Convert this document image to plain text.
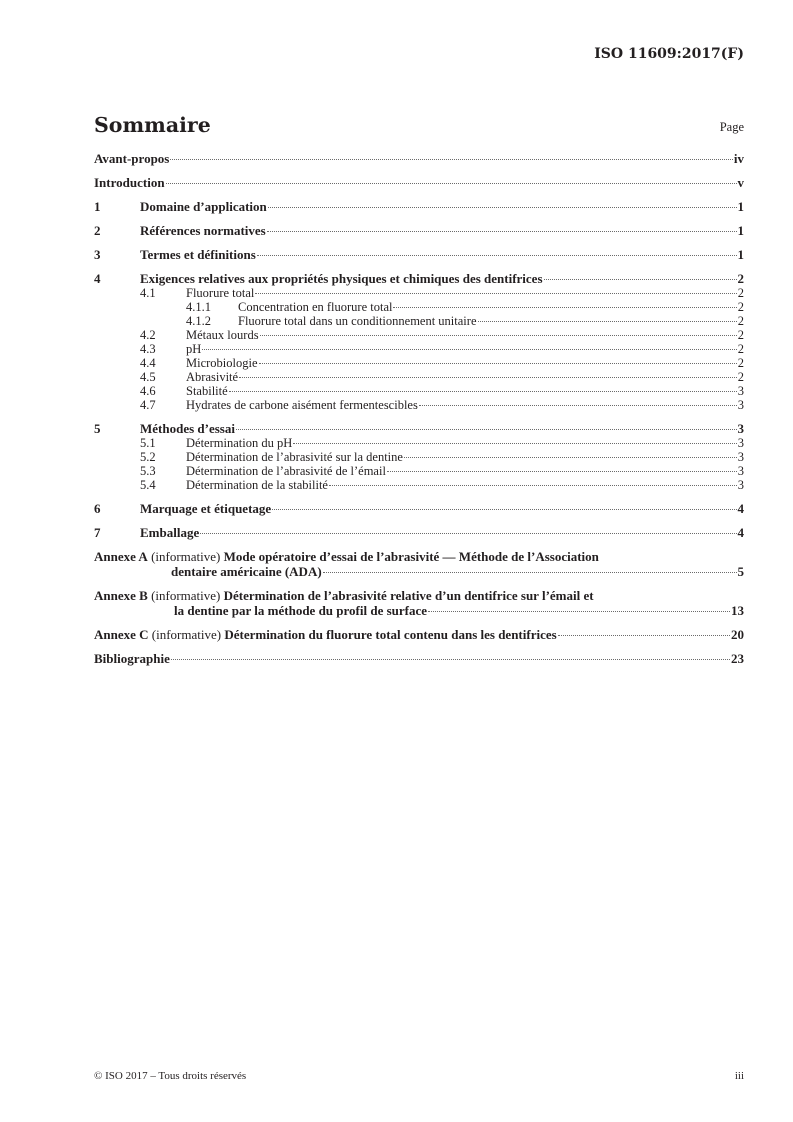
ISO 11609:2017(F)
Sommaire	Page
Avant-propos	iv
Introduction	v
1	Domaine d’application	1
2	Références normatives	1
3	Termes et définitions	1
4	Exigences relatives aux propriétés physiques et chimiques des dentifrices	2
4.1	Fluorure total	2
4.1.1	Concentration en fluorure total	2
4.1.2	Fluorure total dans un conditionnement unitaire	2
4.2	Métaux lourds	2
4.3	pH	2
4.4	Microbiologie	2
4.5	Abrasivité	2
4.6	Stabilité	3
4.7	Hydrates de carbone aisément fermentescibles	3
5	Méthodes d’essai	3
5.1	Détermination du pH	3
5.2	Détermination de l’abrasivité sur la dentine	3
5.3	Détermination de l’abrasivité de l’émail	3
5.4	Détermination de la stabilité	3
6	Marquage et étiquetage	4
7	Emballage	4
Annexe A (informative) Mode opératoire d’essai de l’abrasivité — Méthode de l’Association
dentaire américaine (ADA)	5
Annexe B (informative) Détermination de l’abrasivité relative d’un dentifrice sur l’émail et
la dentine par la méthode du profil de surface	13
Annexe C
(informative)
Détermination du fluorure total contenu dans les dentifrices	20
Bibliographie	23
© ISO 2017 – Tous droits réservés	iii
